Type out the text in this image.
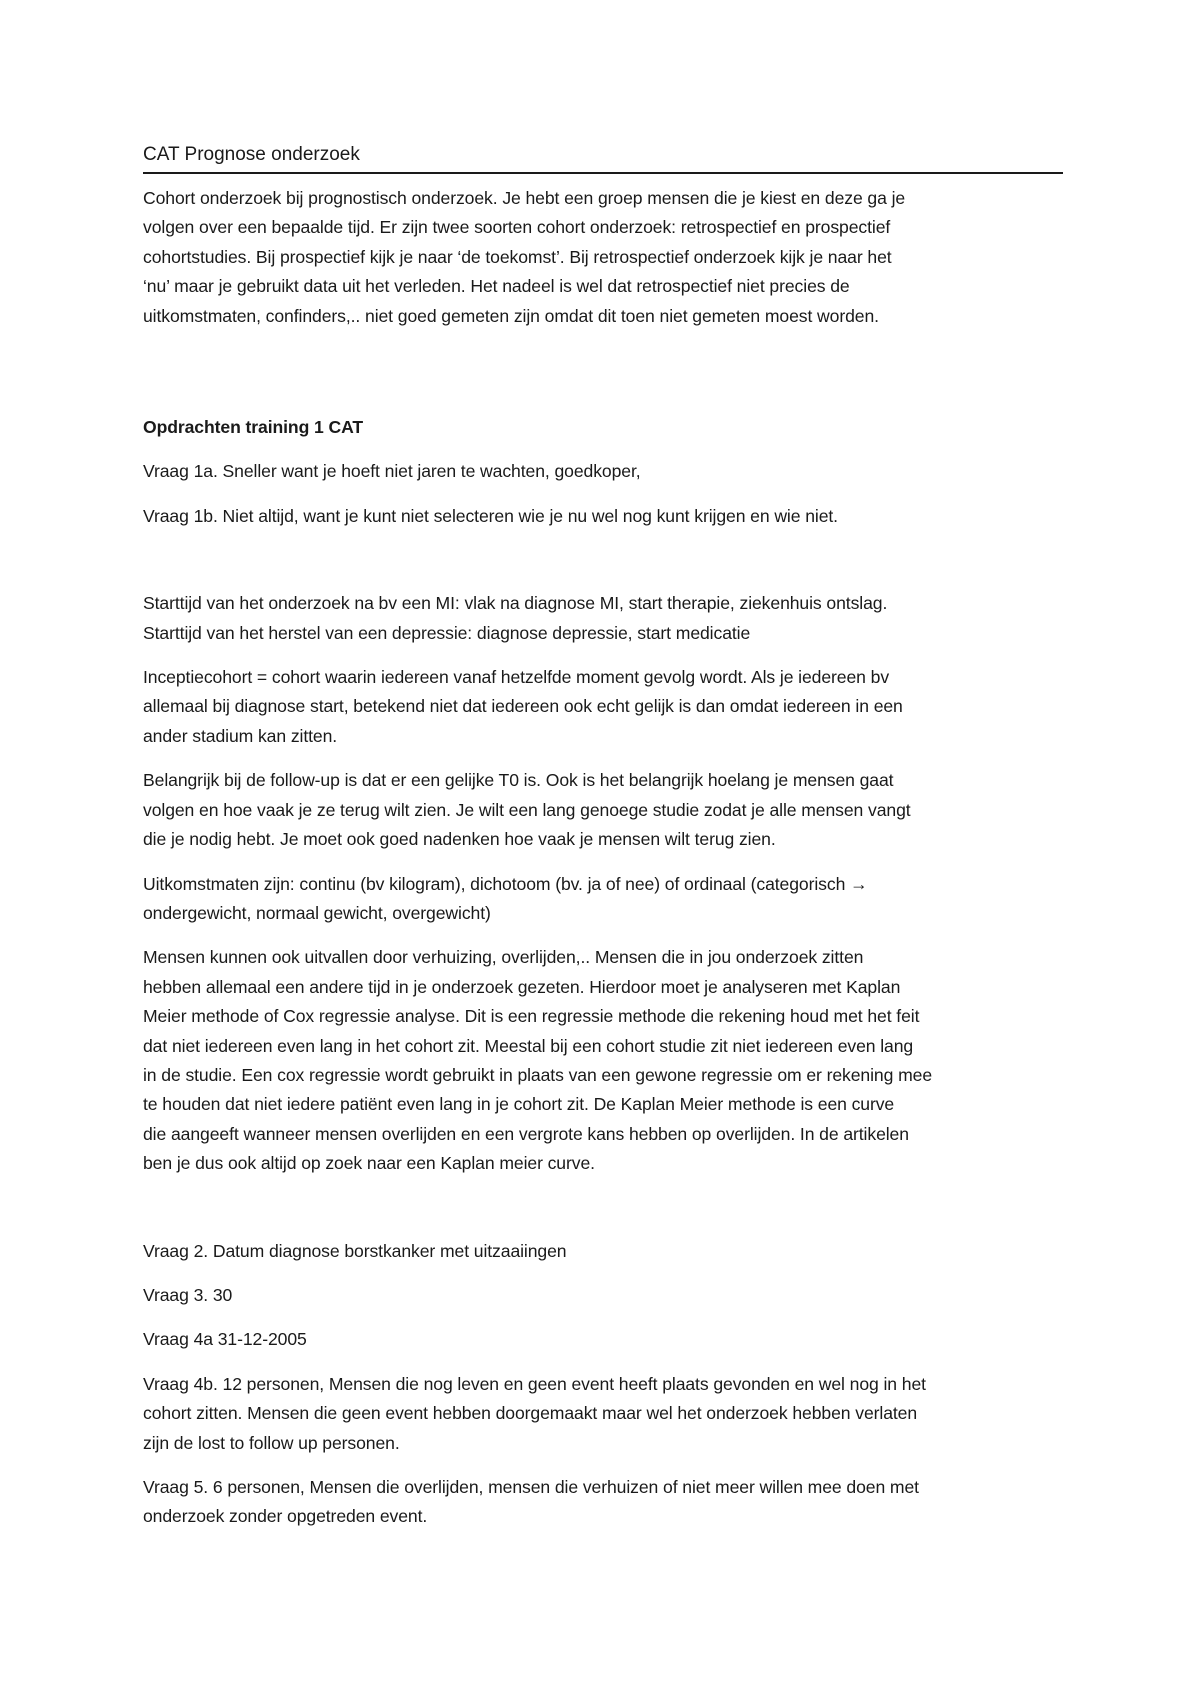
CAT Prognose onderzoek

Cohort onderzoek bij prognostisch onderzoek. Je hebt een groep mensen die je kiest en deze ga je
volgen over een bepaalde tijd. Er zijn twee soorten cohort onderzoek: retrospectief en prospectief
cohortstudies. Bij prospectief kijk je naar ‘de toekomst’. Bij retrospectief onderzoek kijk je naar het
‘nu’ maar je gebruikt data uit het verleden. Het nadeel is wel dat retrospectief niet precies de
uitkomstmaten, confinders,.. niet goed gemeten zijn omdat dit toen niet gemeten moest worden.

Opdrachten training 1 CAT

Vraag 1a. Sneller want je hoeft niet jaren te wachten, goedkoper,

Vraag 1b. Niet altijd, want je kunt niet selecteren wie je nu wel nog kunt krijgen en wie niet.

Starttijd van het onderzoek na bv een MI: vlak na diagnose MI, start therapie, ziekenhuis ontslag.
Starttijd van het herstel van een depressie: diagnose depressie, start medicatie

Inceptiecohort = cohort waarin iedereen vanaf hetzelfde moment gevolg wordt. Als je iedereen bv
allemaal bij diagnose start, betekend niet dat iedereen ook echt gelijk is dan omdat iedereen in een
ander stadium kan zitten.

Belangrijk bij de follow-up is dat er een gelijke T0 is. Ook is het belangrijk hoelang je mensen gaat
volgen en hoe vaak je ze terug wilt zien. Je wilt een lang genoege studie zodat je alle mensen vangt
die je nodig hebt. Je moet ook goed nadenken hoe vaak je mensen wilt terug zien.

Uitkomstmaten zijn: continu (bv kilogram), dichotoom (bv. ja of nee) of ordinaal (categorisch →
ondergewicht, normaal gewicht, overgewicht)

Mensen kunnen ook uitvallen door verhuizing, overlijden,.. Mensen die in jou onderzoek zitten
hebben allemaal een andere tijd in je onderzoek gezeten. Hierdoor moet je analyseren met Kaplan
Meier methode of Cox regressie analyse. Dit is een regressie methode die rekening houd met het feit
dat niet iedereen even lang in het cohort zit. Meestal bij een cohort studie zit niet iedereen even lang
in de studie. Een cox regressie wordt gebruikt in plaats van een gewone regressie om er rekening mee
te houden dat niet iedere patiënt even lang in je cohort zit. De Kaplan Meier methode is een curve
die aangeeft wanneer mensen overlijden en een vergrote kans hebben op overlijden. In de artikelen
ben je dus ook altijd op zoek naar een Kaplan meier curve.

Vraag 2. Datum diagnose borstkanker met uitzaaiingen

Vraag 3. 30

Vraag 4a 31-12-2005

Vraag 4b. 12 personen, Mensen die nog leven en geen event heeft plaats gevonden en wel nog in het
cohort zitten. Mensen die geen event hebben doorgemaakt maar wel het onderzoek hebben verlaten
zijn de lost to follow up personen.

Vraag 5. 6 personen, Mensen die overlijden, mensen die verhuizen of niet meer willen mee doen met
onderzoek zonder opgetreden event.
